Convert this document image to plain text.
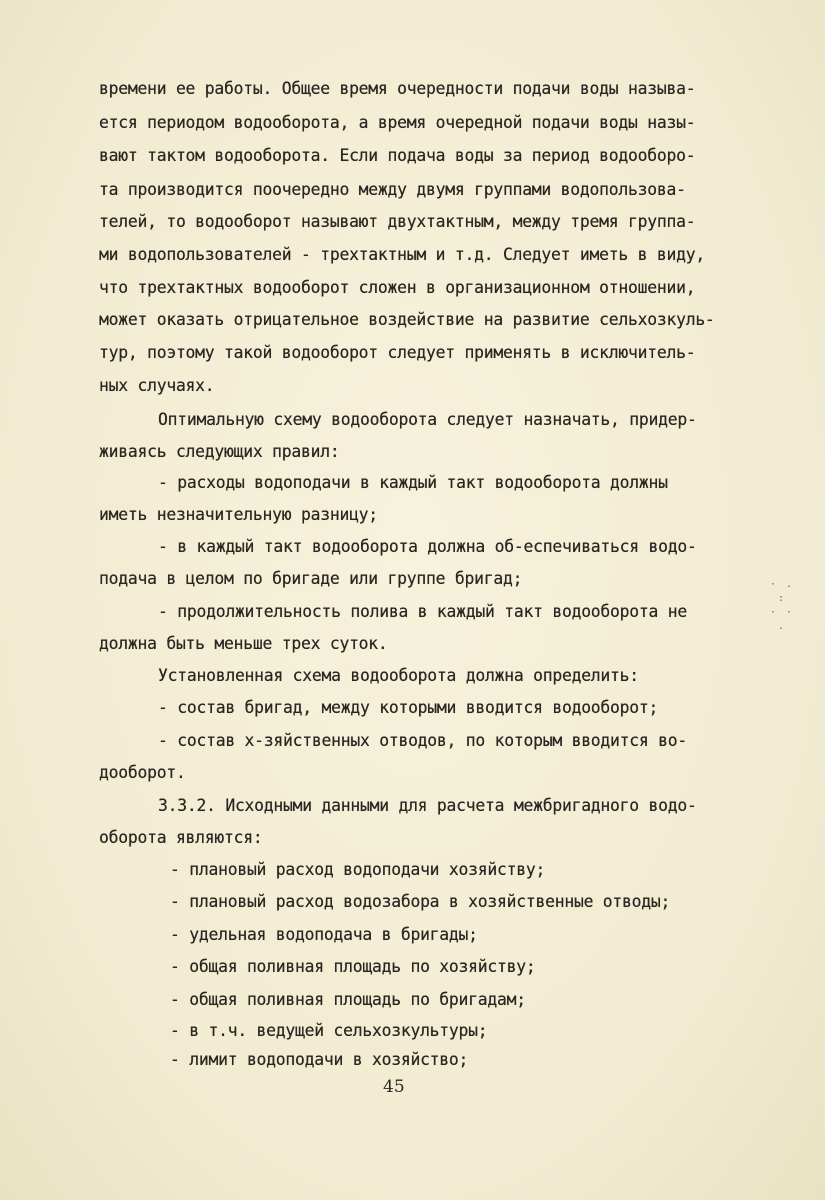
времени ее работы. Общее время очередности подачи воды называ-
ется периодом водооборота, а время очередной подачи воды назы-
вают тактом водооборота. Если подача воды за период водооборо-
та производится поочередно между двумя группами водопользова-
телей, то водооборот называют двухтактным, между тремя группа-
ми водопользователей - трехтактным и т.д. Следует иметь в виду,
что трехтактных водооборот сложен в организационном отношении,
может оказать отрицательное воздействие на развитие сельхозкуль-
тур, поэтому такой водооборот следует применять в исключитель-
ных случаях.
Оптимальную схему водооборота следует назначать, придер-
живаясь следующих правил:
- расходы водоподачи в каждый такт водооборота должны
иметь незначительную разницу;
- в каждый такт водооборота должна об-еспечиваться водо-
подача в целом по бригаде или группе бригад;
- продолжительность полива в каждый такт водооборота не
должна быть меньше трех суток.
Установленная схема водооборота должна определить:
- состав бригад, между которыми вводится водооборот;
- состав х-зяйственных отводов, по которым вводится во-
дооборот.
3.3.2. Исходными данными для расчета межбригадного водо-
оборота являются:
- плановый расход водоподачи хозяйству;
- плановый расход водозабора в хозяйственные отводы;
- удельная водоподача в бригады;
- общая поливная площадь по хозяйству;
- общая поливная площадь по бригадам;
- в т.ч. ведущей сельхозкультуры;
- лимит водоподачи в хозяйство;
45
· .
:
· ·
.
